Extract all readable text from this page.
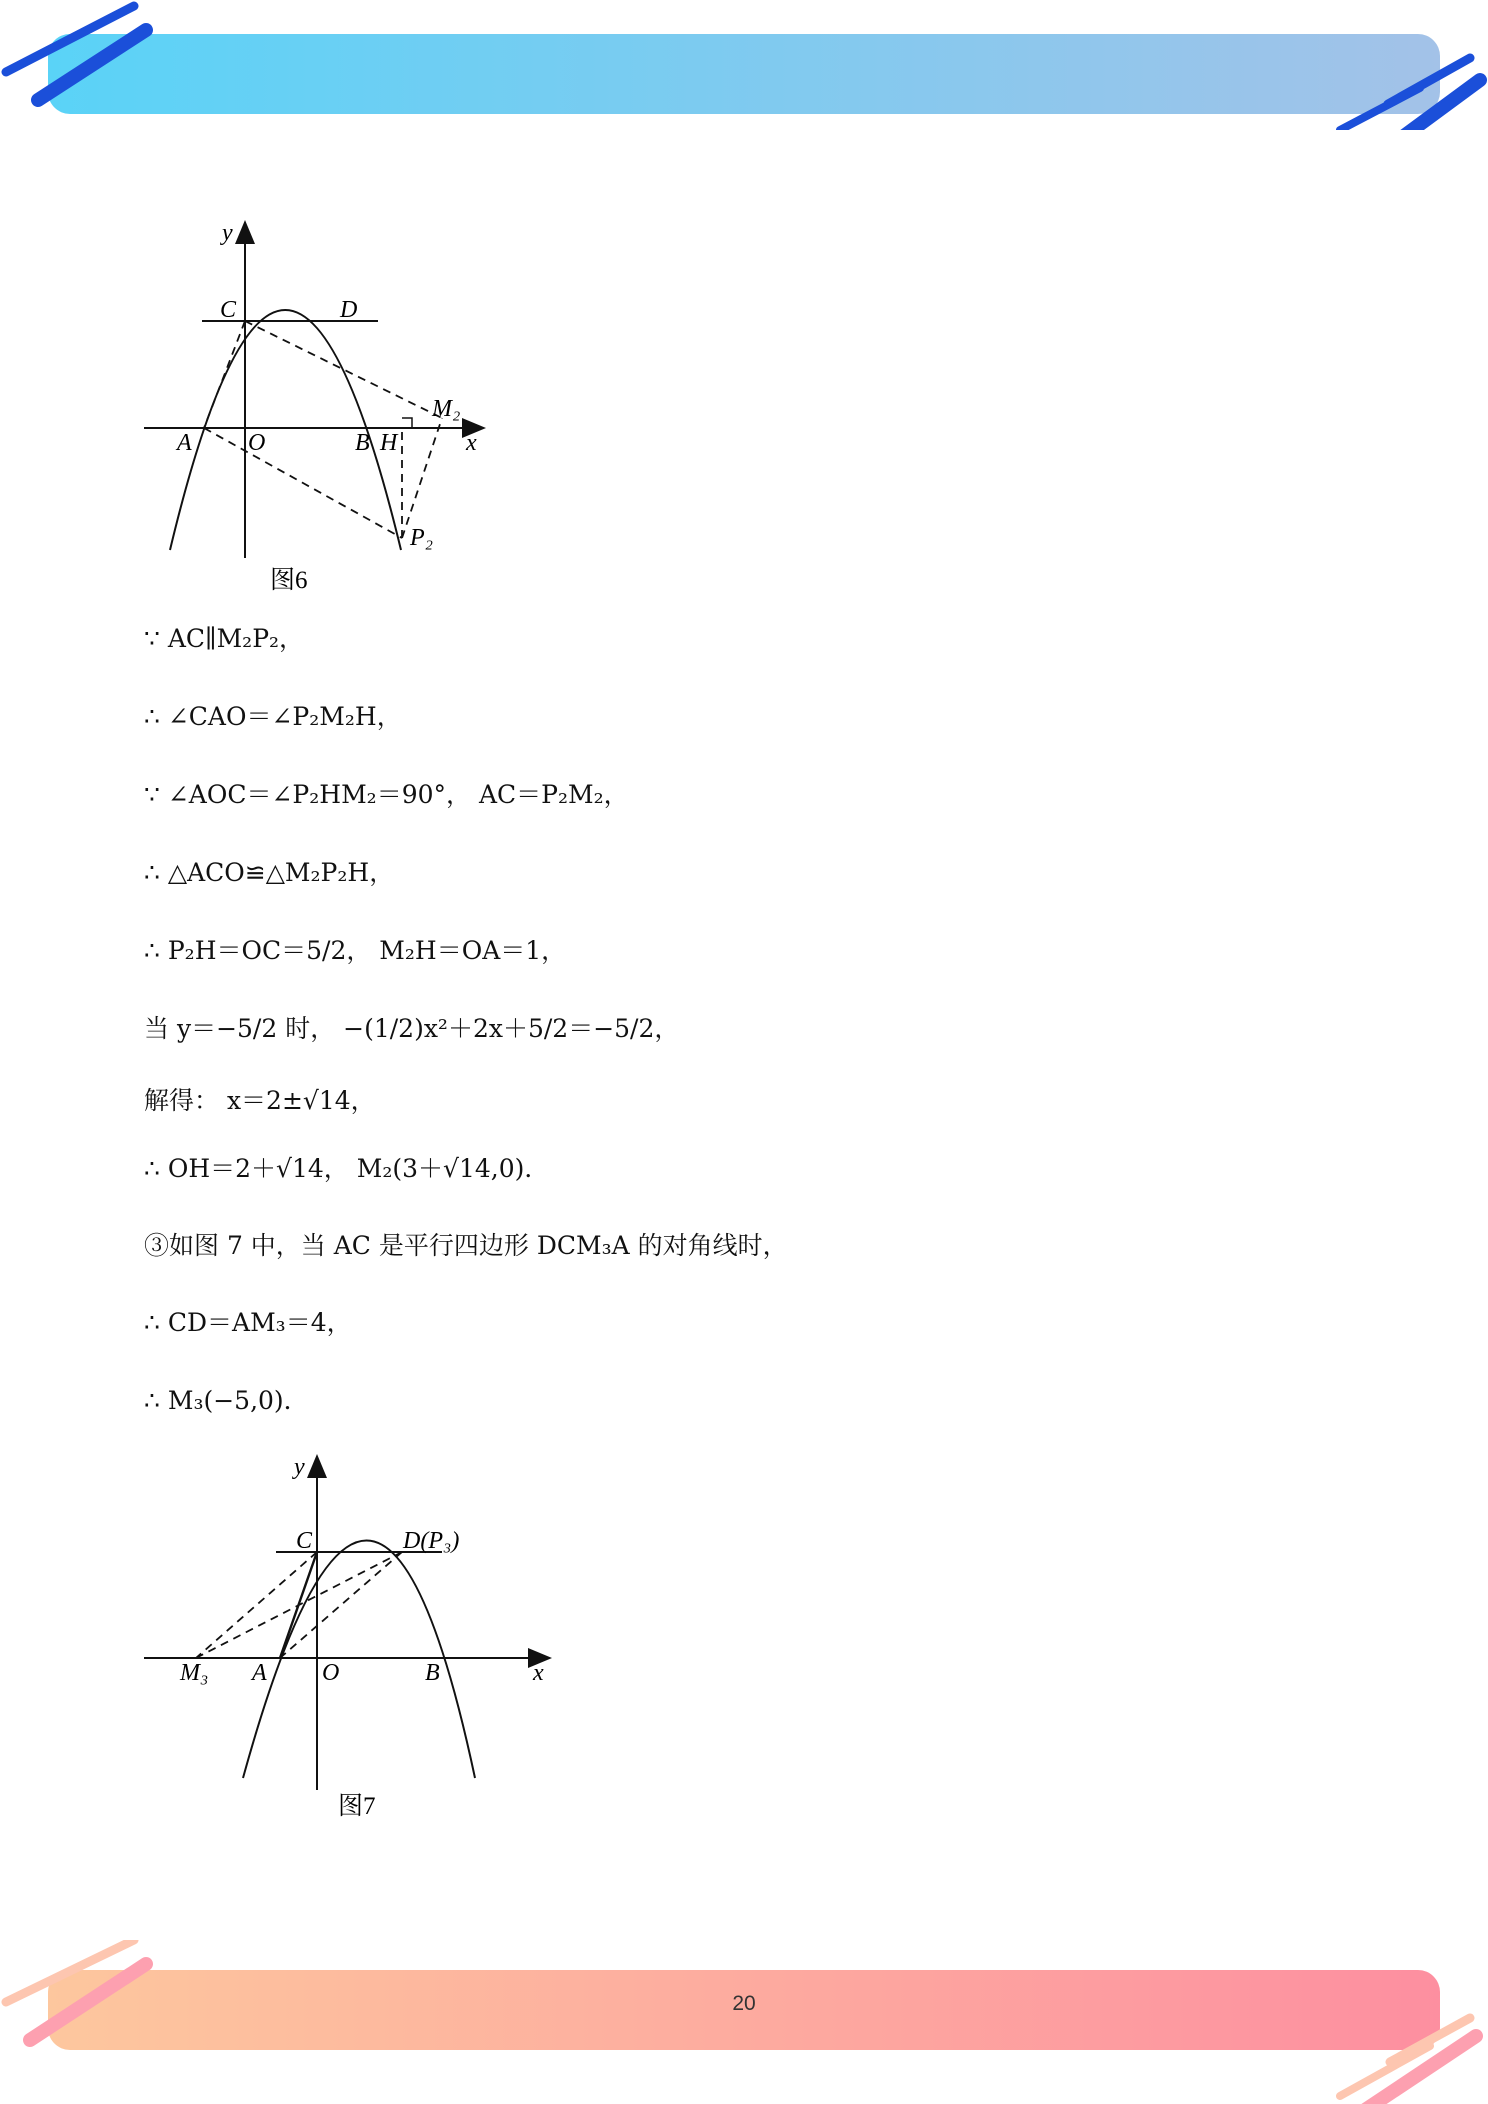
y
C	D
A O	B H
M₂
x
P₂
图6
∵ AC∥M₂P₂，
∴ ∠CAO＝∠P₂M₂H，
∵ ∠AOC＝∠P₂HM₂＝90°， AC＝P₂M₂，
∴ △ACO≌△M₂P₂H，
∴ P₂H＝OC＝5/2， M₂H＝OA＝1，
当 y＝−5/2 时， −(1/2)x²＋2x＋5/2＝−5/2，
解得： x＝2±√14，
∴ OH＝2＋√14， M₂(3＋√14,0)．
③如图 7 中，当 AC 是平行四边形 DCM₃A 的对角线时，
∴ CD＝AM₃＝4，
∴ M₃(−5,0)．
y
C	D(P₃)
M₃ A O	B	x
图7
20
